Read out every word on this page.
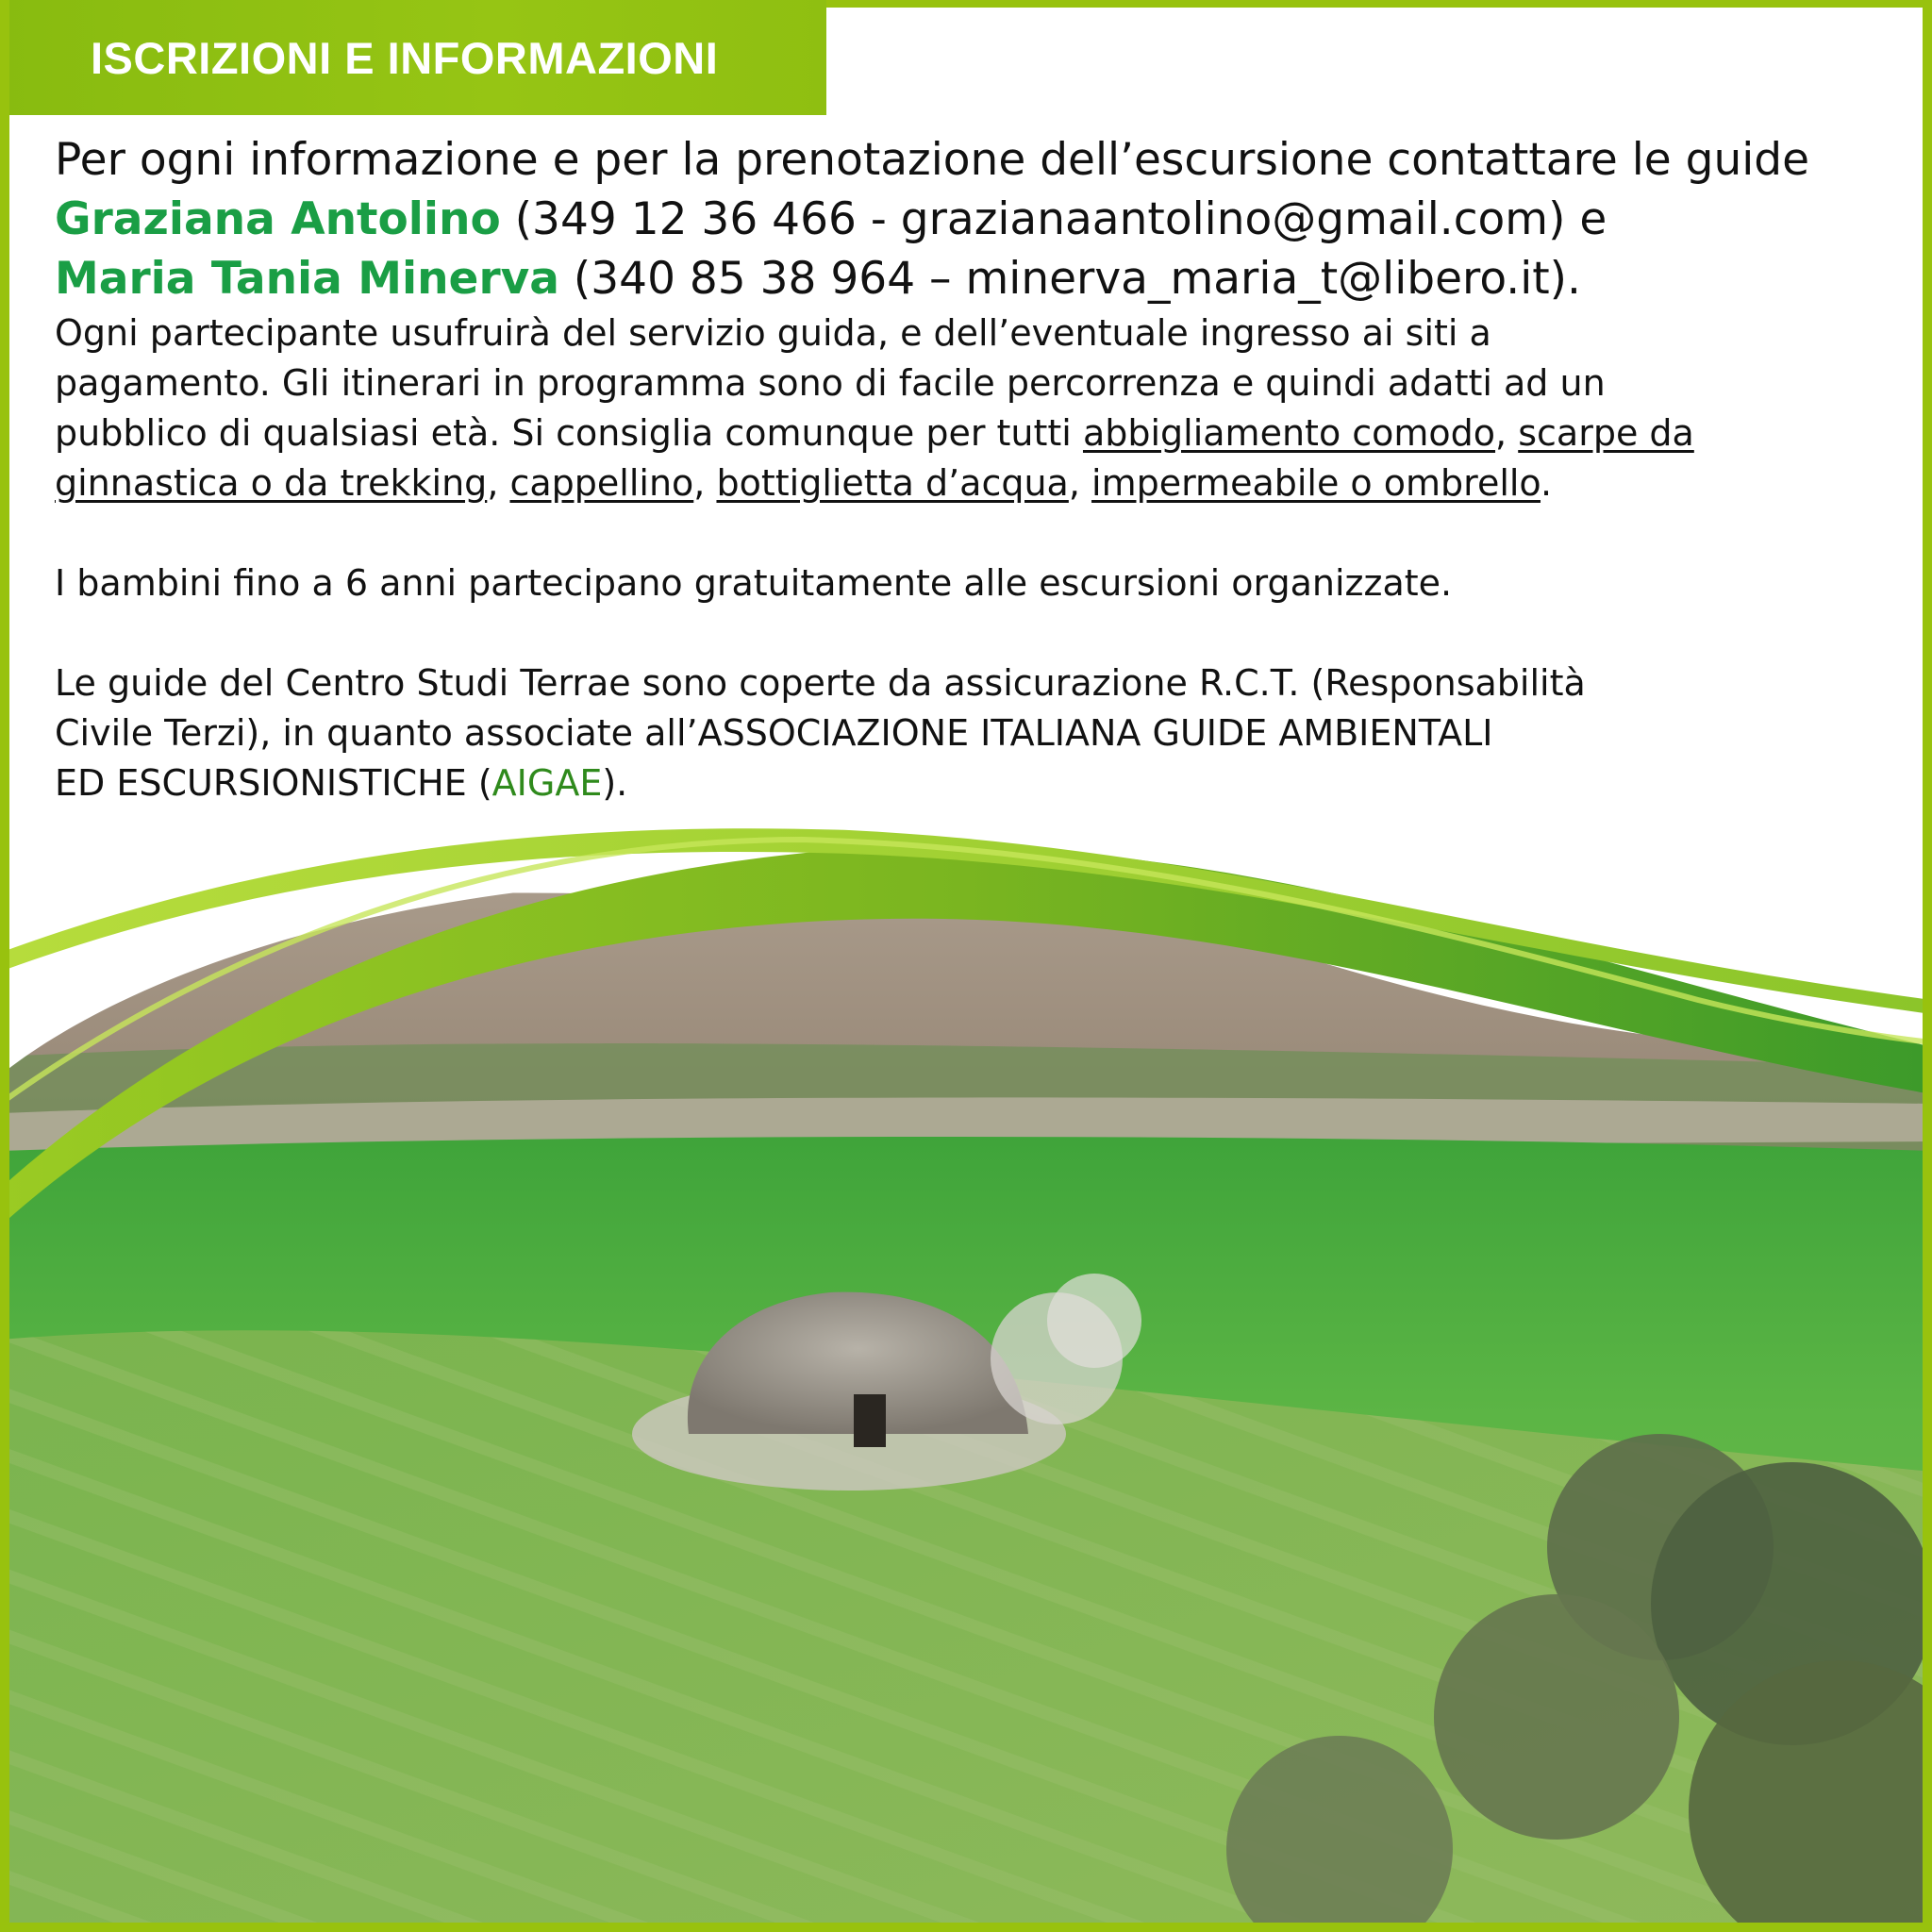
ISCRIZIONI E INFORMAZIONI

Per ogni informazione e per la prenotazione dell’escursione contattare le guide

Graziana Antolino (349 12 36 466 - grazianaantolino@gmail.com) e

Maria Tania Minerva (340 85 38 964 – minerva_maria_t@libero.it).

Ogni partecipante usufruirà del servizio guida, e dell’eventuale ingresso ai siti a
pagamento. Gli itinerari in programma sono di facile percorrenza e quindi adatti ad un
pubblico di qualsiasi età. Si consiglia comunque per tutti abbigliamento comodo, scarpe da
ginnastica o da trekking, cappellino, bottiglietta d’acqua, impermeabile o ombrello.

I bambini fino a 6 anni partecipano gratuitamente alle escursioni organizzate.

Le guide del Centro Studi Terrae sono coperte da assicurazione R.C.T. (Responsabilità
Civile Terzi), in quanto associate all’ASSOCIAZIONE ITALIANA GUIDE AMBIENTALI
ED ESCURSIONISTICHE (AIGAE).
